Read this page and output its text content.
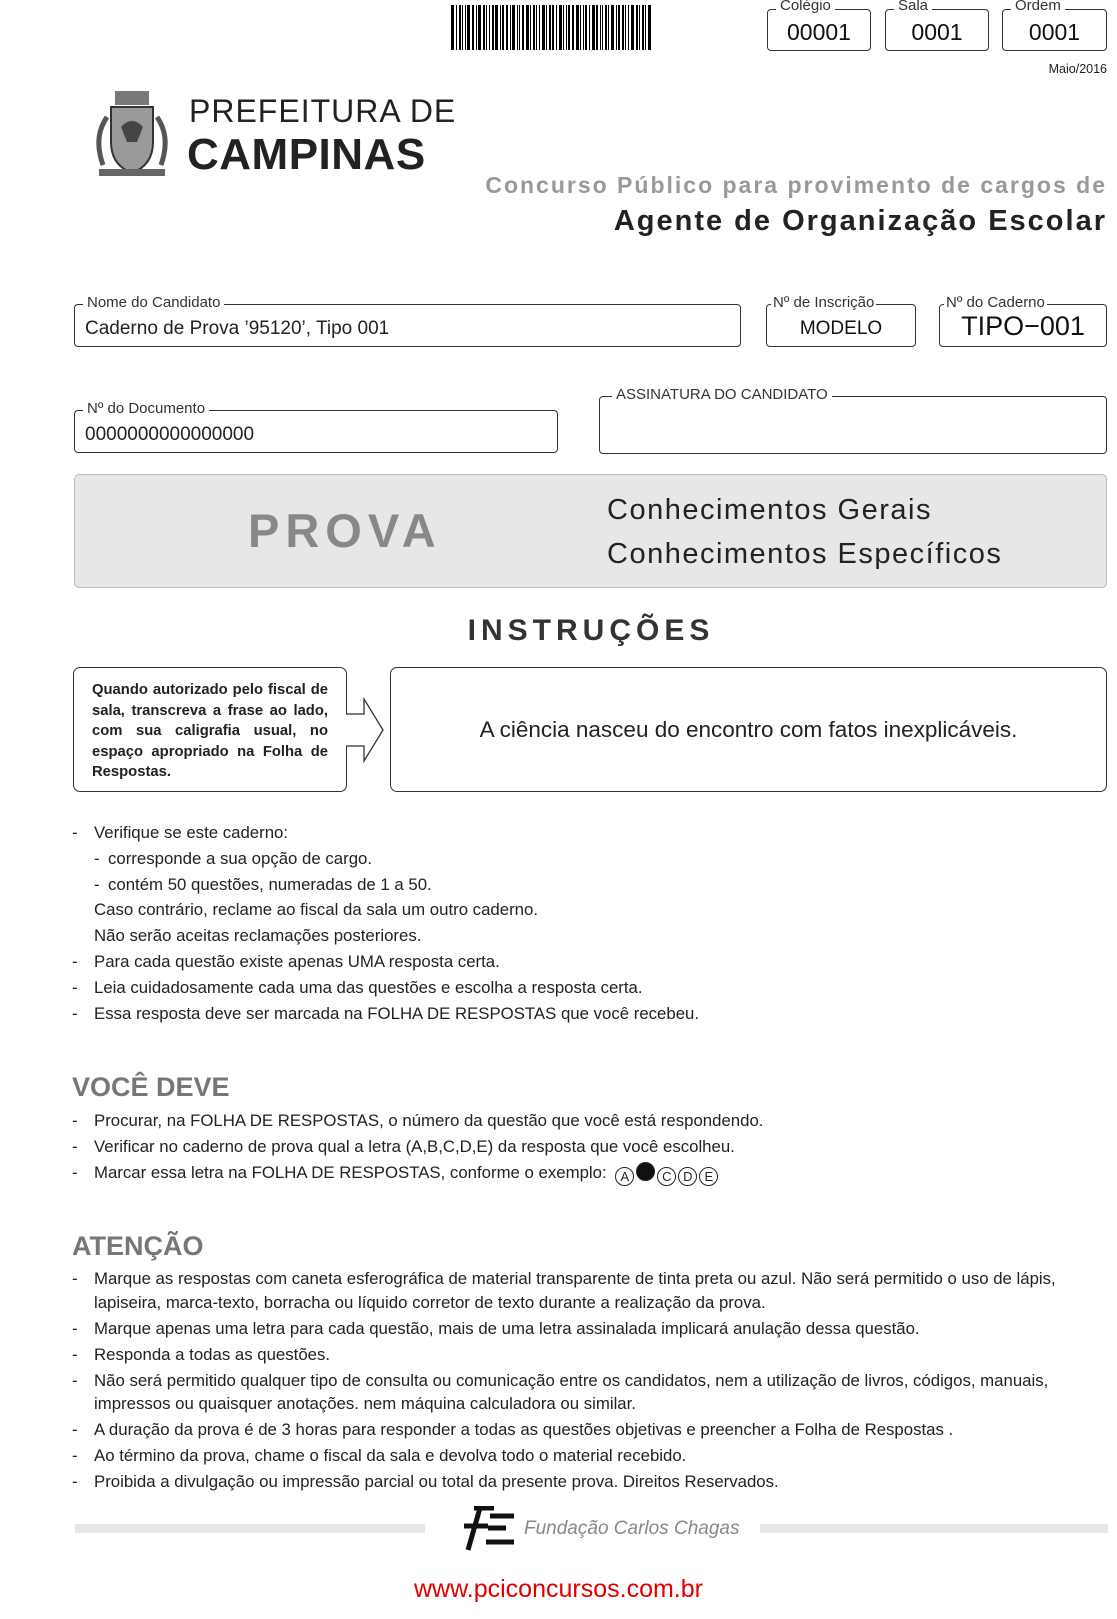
Colégio
00001
Sala
0001
Ordem
0001
Maio/2016
PREFEITURA DE
CAMPINAS
Concurso Público para provimento de cargos de
Agente de Organização Escolar
Nome do Candidato
Caderno de Prova ’95120’, Tipo 001
Nº de Inscrição
MODELO
Nº do Caderno
TIPO−001
Nº do Documento
0000000000000000
ASSINATURA DO CANDIDATO
PROVA	Conhecimentos Gerais
Conhecimentos Específicos
INSTRUÇÕES
Quando autorizado pelo fiscal de sala, transcreva a frase ao lado, com sua caligrafia usual, no espaço apropriado na Folha de Respostas.
A ciência nasceu do encontro com fatos inexplicáveis.
- Verifique se este caderno:
- corresponde a sua opção de cargo.
- contém 50 questões, numeradas de 1 a 50.
Caso contrário, reclame ao fiscal da sala um outro caderno.
Não serão aceitas reclamações posteriores.
- Para cada questão existe apenas UMA resposta certa.
- Leia cuidadosamente cada uma das questões e escolha a resposta certa.
- Essa resposta deve ser marcada na FOLHA DE RESPOSTAS que você recebeu.
VOCÊ DEVE
- Procurar, na FOLHA DE RESPOSTAS, o número da questão que você está respondendo.
- Verificar no caderno de prova qual a letra (A,B,C,D,E) da resposta que você escolheu.
- Marcar essa letra na FOLHA DE RESPOSTAS, conforme o exemplo: A	C D E
ATENÇÃO
- Marque as respostas com caneta esferográfica de material transparente de tinta preta ou azul. Não será permitido o uso de lápis, lapiseira, marca-texto, borracha ou líquido corretor de texto durante a realização da prova.
- Marque apenas uma letra para cada questão, mais de uma letra assinalada implicará anulação dessa questão.
- Responda a todas as questões.
- Não será permitido qualquer tipo de consulta ou comunicação entre os candidatos, nem a utilização de livros, códigos, manuais, impressos ou quaisquer anotações. nem máquina calculadora ou similar.
- A duração da prova é de 3 horas para responder a todas as questões objetivas e preencher a Folha de Respostas .
- Ao término da prova, chame o fiscal da sala e devolva todo o material recebido.
- Proibida a divulgação ou impressão parcial ou total da presente prova. Direitos Reservados.
Fundação Carlos Chagas
www.pciconcursos.com.br
